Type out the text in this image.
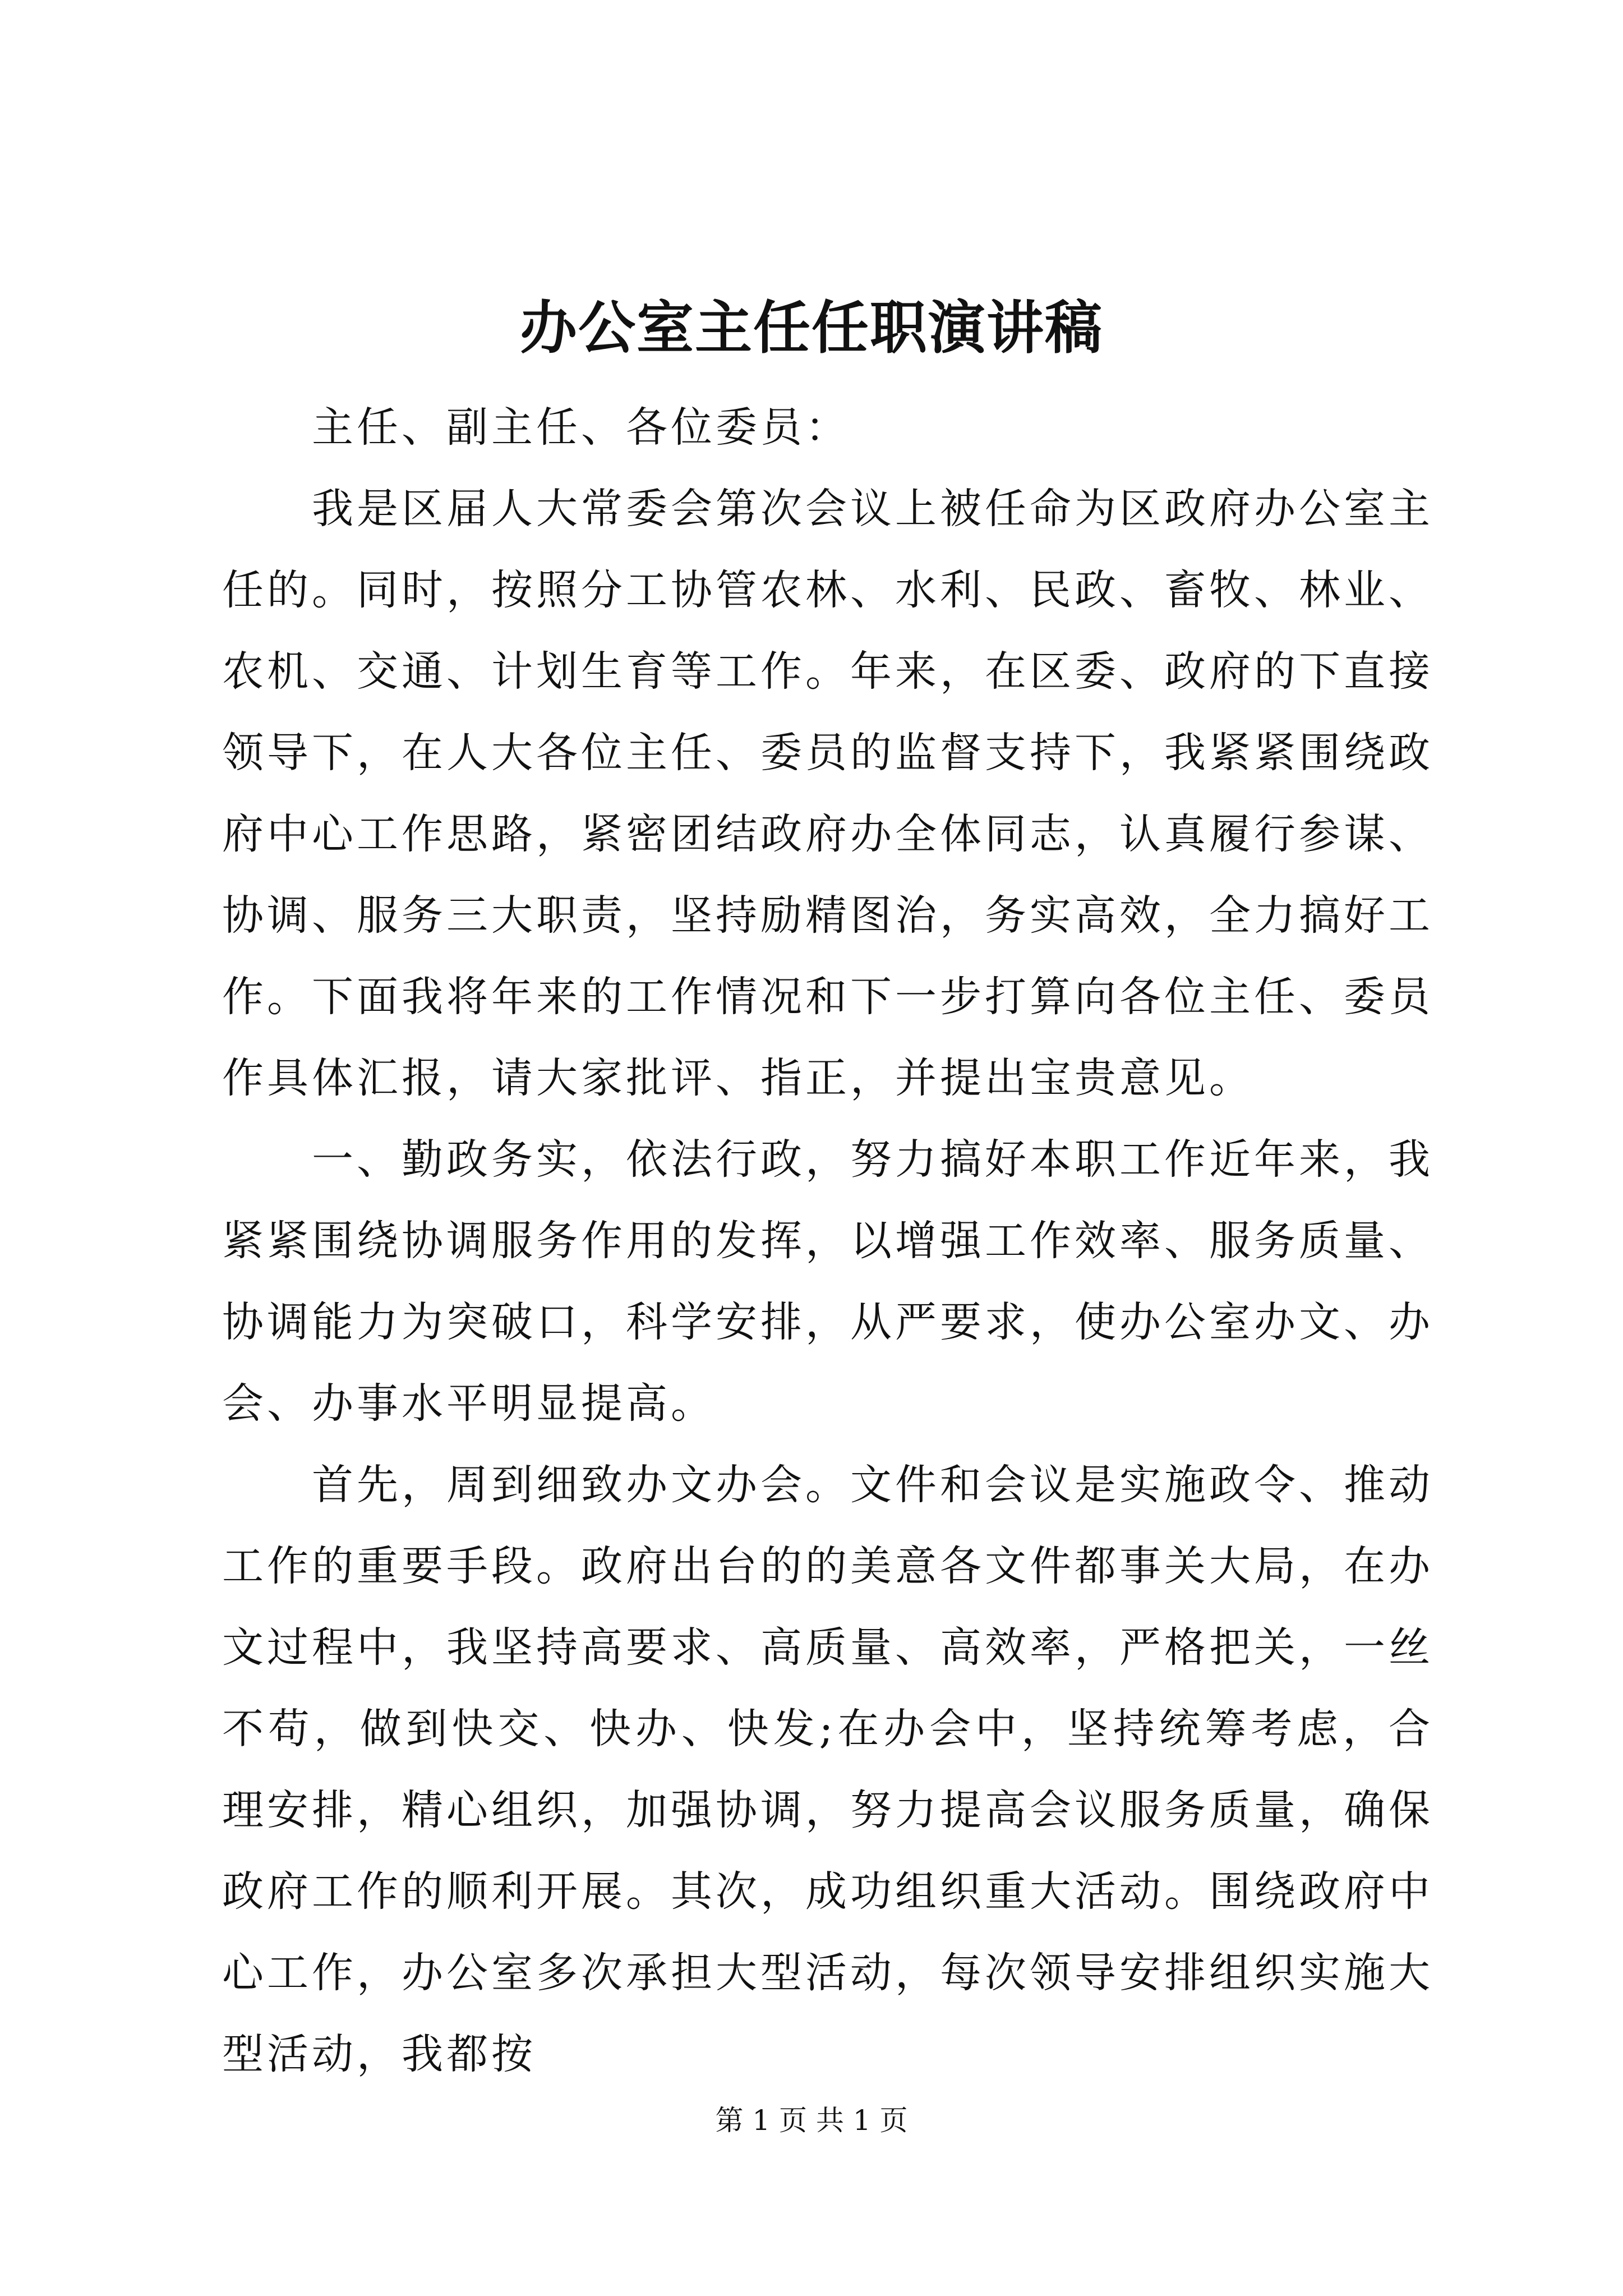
办公室主任任职演讲稿

主任、副主任、各位委员：

我是区届人大常委会第次会议上被任命为区政府办公室主任的。同时，按照分工协管农林、水利、民政、畜牧、林业、农机、交通、计划生育等工作。年来，在区委、政府的下直接领导下，在人大各位主任、委员的监督支持下，我紧紧围绕政府中心工作思路，紧密团结政府办全体同志，认真履行参谋、协调、服务三大职责，坚持励精图治，务实高效，全力搞好工作。下面我将年来的工作情况和下一步打算向各位主任、委员作具体汇报，请大家批评、指正，并提出宝贵意见。

一、勤政务实，依法行政，努力搞好本职工作近年来，我紧紧围绕协调服务作用的发挥，以增强工作效率、服务质量、协调能力为突破口，科学安排，从严要求，使办公室办文、办会、办事水平明显提高。

首先，周到细致办文办会。文件和会议是实施政令、推动工作的重要手段。政府出台的的美意各文件都事关大局，在办文过程中，我坚持高要求、高质量、高效率，严格把关，一丝不苟，做到快交、快办、快发;在办会中，坚持统筹考虑，合理安排，精心组织，加强协调，努力提高会议服务质量，确保政府工作的顺利开展。其次，成功组织重大活动。围绕政府中心工作，办公室多次承担大型活动，每次领导安排组织实施大型活动，我都按

第 1 页 共 1 页
